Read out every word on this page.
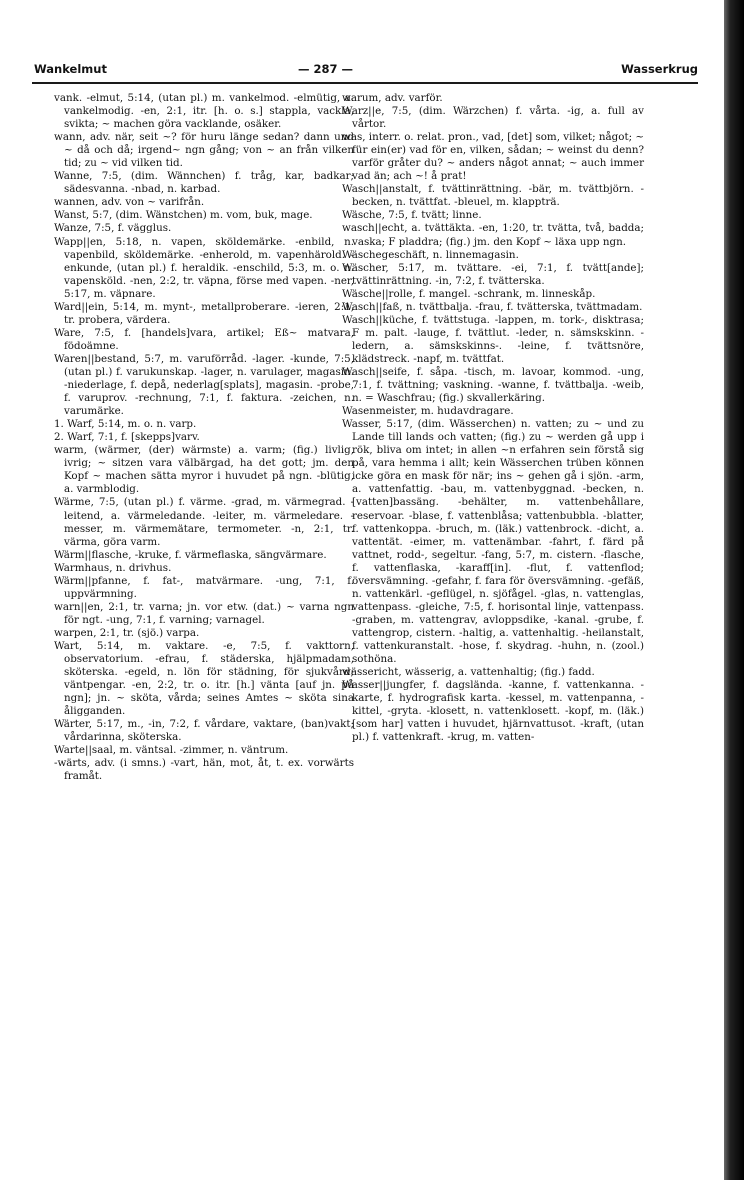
Wankelmut	— 287 —	Wasserkrug

vank. -elmut, 5:14, (utan pl.) m. vankelmod. -elmütig, a. vankelmodig. -en, 2:1, itr. [h. o. s.] stappla, vackla, svikta; ~ machen göra vacklande, osäker.

wann, adv. när, seit ~? för huru länge sedan? dann und ~ då och då; irgend~ ngn gång; von ~ an från vilken tid; zu ~ vid vilken tid.

Wanne, 7:5, (dim. Wännchen) f. tråg, kar, badkar; sädesvanna. -nbad, n. karbad.

wannen, adv. von ~ varifrån.

Wanst, 5:7, (dim. Wänstchen) m. vom, buk, mage.

Wanze, 7:5, f. vägglus.

Wapp||en, 5:18, n. vapen, sköldemärke. -enbild, n. vapenbild, sköldemärke. -enherold, m. vapenhärold. -enkunde, (utan pl.) f. heraldik. -enschild, 5:3, m. o. n. vapensköld. -nen, 2:2, tr. väpna, förse med vapen. -ner, 5:17, m. väpnare.

Ward||ein, 5:14, m. mynt-, metallproberare. -ieren, 2:1, tr. probera, värdera.

Ware, 7:5, f. [handels]vara, artikel; Eß~ matvara, födoämne.

Waren||bestand, 5:7, m. varuförråd. -lager. -kunde, 7:5, (utan pl.) f. varukunskap. -lager, n. varulager, magasin. -niederlage, f. depå, nederlag[splats], magasin. -probe, f. varuprov. -rechnung, 7:1, f. faktura. -zeichen, n. varumärke.

1. Warf, 5:14, m. o. n. varp.

2. Warf, 7:1, f. [skepps]varv.

warm, (wärmer, (der) wärmste) a. varm; (fig.) livlig, ivrig; ~ sitzen vara välbärgad, ha det gott; jm. den Kopf ~ machen sätta myror i huvudet på ngn. -blütig, a. varmblodig.

Wärme, 7:5, (utan pl.) f. värme. -grad, m. värmegrad. -leitend, a. värmeledande. -leiter, m. värmeledare. -messer, m. värmemätare, termometer. -n, 2:1, tr. värma, göra varm.

Wärm||flasche, -kruke, f. värmeflaska, sängvärmare.

Warmhaus, n. drivhus.

Wärm||pfanne, f. fat-, matvärmare. -ung, 7:1, f. uppvärmning.

warn||en, 2:1, tr. varna; jn. vor etw. (dat.) ~ varna ngn för ngt. -ung, 7:1, f. varning; varnagel.

warpen, 2:1, tr. (sjö.) varpa.

Wart, 5:14, m. vaktare. -e, 7:5, f. vakttorn, observatorium. -efrau, f. städerska, hjälpmadam, sköterska. -egeld, n. lön för städning, för sjukvård; väntpengar. -en, 2:2, tr. o. itr. [h.] vänta [auf jn. på ngn]; jn. ~ sköta, vårda; seines Amtes ~ sköta sina åligganden.

Wärter, 5:17, m., -in, 7:2, f. vårdare, vaktare, (ban)vakt; vårdarinna, sköterska.

Warte||saal, m. väntsal. -zimmer, n. väntrum.

-wärts, adv. (i smns.) -vart, hän, mot, åt, t. ex. vorwärts framåt.

warum, adv. varför.

Warz||e, 7:5, (dim. Wärzchen) f. vårta. -ig, a. full av vårtor.

was, interr. o. relat. pron., vad, [det] som, vilket; något; ~ für ein(er) vad för en, vilken, sådan; ~ weinst du denn? varför gråter du? ~ anders något annat; ~ auch immer vad än; ach ~! å prat!

Wasch||anstalt, f. tvättinrättning. -bär, m. tvättbjörn. -becken, n. tvättfat. -bleuel, m. klappträ.

Wäsche, 7:5, f. tvätt; linne.

wasch||echt, a. tvättäkta. -en, 1:20, tr. tvätta, två, badda; vaska; F pladdra; (fig.) jm. den Kopf ~ läxa upp ngn.

Wäschegeschäft, n. linnemagasin.

Wäscher, 5:17, m. tvättare. -ei, 7:1, f. tvätt[ande]; tvättinrättning. -in, 7:2, f. tvätterska.

Wäsche||rolle, f. mangel. -schrank, m. linneskåp.

Wasch||faß, n. tvättbalja. -frau, f. tvätterska, tvättmadam.

Wasch||küche, f. tvättstuga. -lappen, m. tork-, disktrasa; F m. palt. -lauge, f. tvättlut. -leder, n. sämskskinn. -ledern, a. sämskskinns-. -leine, f. tvättsnöre, klädstreck. -napf, m. tvättfat.

Wasch||seife, f. såpa. -tisch, m. lavoar, kommod. -ung, 7:1, f. tvättning; vaskning. -wanne, f. tvättbalja. -weib, n. = Waschfrau; (fig.) skvallerkäring.

Wasenmeister, m. hudavdragare.

Wasser, 5:17, (dim. Wässerchen) n. vatten; zu ~ und zu Lande till lands och vatten; (fig.) zu ~ werden gå upp i rök, bliva om intet; in allen ~n erfahren sein förstå sig på, vara hemma i allt; kein Wässerchen trüben können icke göra en mask för när; ins ~ gehen gå i sjön. -arm, a. vattenfattig. -bau, m. vattenbyggnad. -becken, n. [vatten]bassäng. -behälter, m. vattenbehållare, reservoar. -blase, f. vattenblåsa; vattenbubbla. -blatter, f. vattenkoppa. -bruch, m. (läk.) vattenbrock. -dicht, a. vattentät. -eimer, m. vattenämbar. -fahrt, f. färd på vattnet, rodd-, segeltur. -fang, 5:7, m. cistern. -flasche, f. vattenflaska, -karaff[in]. -flut, f. vattenflod; översvämning. -gefahr, f. fara för översvämning. -gefäß, n. vattenkärl. -geflügel, n. sjöfågel. -glas, n. vattenglas, vattenpass. -gleiche, 7:5, f. horisontal linje, vattenpass. -graben, m. vattengrav, avloppsdike, -kanal. -grube, f. vattengrop, cistern. -haltig, a. vattenhaltig. -heilanstalt, f. vattenkuranstalt. -hose, f. skydrag. -huhn, n. (zool.) sothöna.

wässericht, wässerig, a. vattenhaltig; (fig.) fadd.

Wasser||jungfer, f. dagslända. -kanne, f. vattenkanna. -karte, f. hydrografisk karta. -kessel, m. vattenpanna, -kittel, -gryta. -klosett, n. vattenklosett. -kopf, m. (läk.) [som har] vatten i huvudet, hjärnvattusot. -kraft, (utan pl.) f. vattenkraft. -krug, m. vatten-
